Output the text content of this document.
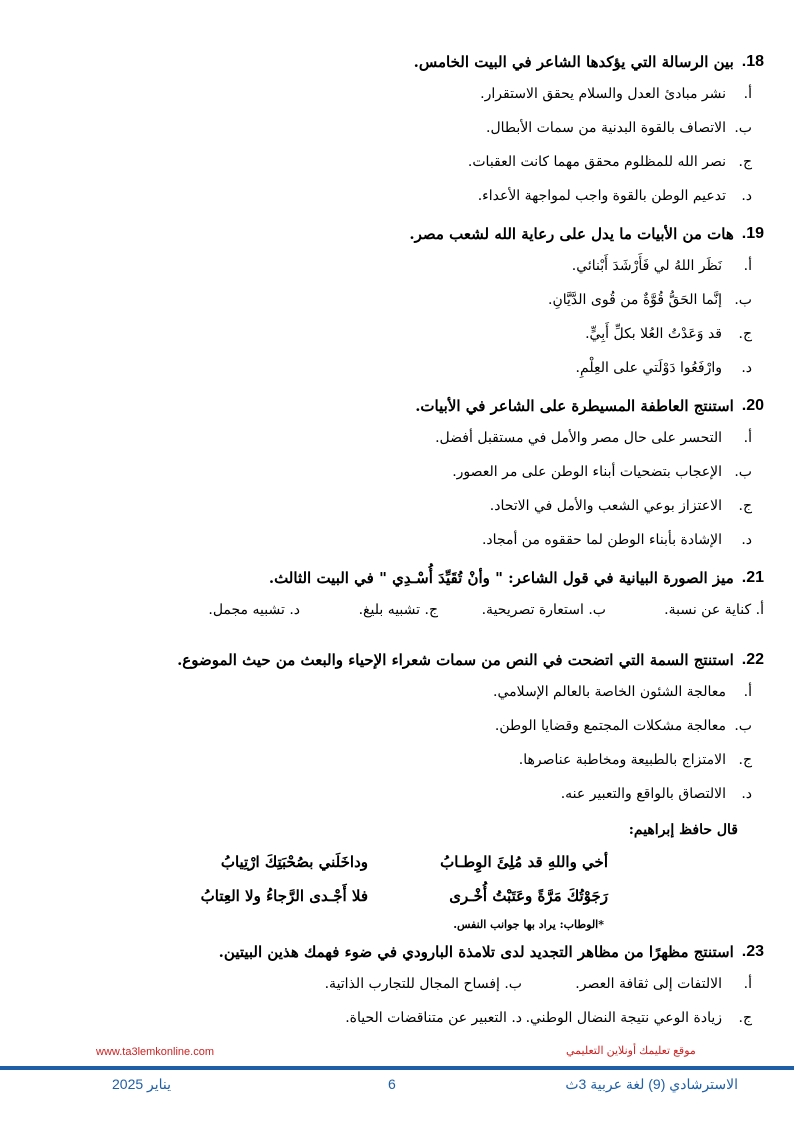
18.
بين الرسالة التي يؤكدها الشاعر في البيت الخامس.
أ.
نشر مبادئ العدل والسلام يحقق الاستقرار.
ب.
الاتصاف بالقوة البدنية من سمات الأبطال.
ج.
نصر الله للمظلوم محقق مهما كانت العقبات.
د.
تدعيم الوطن بالقوة واجب لمواجهة الأعداء.
19.
هات من الأبيات ما يدل على رعاية الله لشعب مصر.
أ.
نَظَر اللهُ لي فَأَرْشَدَ أَبْنائي.
ب.
إنَّما الحَقُّ قُوَّةٌ من قُوى الدَّيَّانِ.
ج.
قد وَعَدْتُ العُلا بكلِّ أَبِيٍّ.
د.
وارْفَعُوا دَوْلَتي على العِلْمِ.
20.
استنتج العاطفة المسيطرة على الشاعر في الأبيات.
أ.
التحسر على حال مصر والأمل في مستقبل أفضل.
ب.
الإعجاب بتضحيات أبناء الوطن على مر العصور.
ج.
الاعتزاز بوعي الشعب والأمل في الاتحاد.
د.
الإشادة بأبناء الوطن لما حققوه من أمجاد.
21.
ميز الصورة البيانية في قول الشاعر: " وأنْ تُقَيِّدَ أُسْـدِي " في البيت الثالث.
أ. كناية عن نسبة.
ب. استعارة تصريحية.
ج. تشبيه بليغ.
د. تشبيه مجمل.
22.
استنتج السمة التي اتضحت في النص من سمات شعراء الإحياء والبعث من حيث الموضوع.
أ.
معالجة الشئون الخاصة بالعالم الإسلامي.
ب.
معالجة مشكلات المجتمع وقضايا الوطن.
ج.
الامتزاج بالطبيعة ومخاطبة عناصرها.
د.
الالتصاق بالواقع والتعبير عنه.
قال حافظ إبراهيم:
أخي واللهِ قد مُلِئَ الوِطـابُ
وداخَلَني بصُحْبَتِكَ ارْتِيابُ
رَجَوْتُكَ مَرَّةً وعَتَبْتُ أُخْـرى
فلا أَجْـدى الرَّجاءُ ولا العِتابُ
*الوطاب: يراد بها جوانب النفس.
23.
استنتج مظهرًا من مظاهر التجديد لدى تلامذة البارودي في ضوء فهمك هذين البيتين.
أ.
الالتفات إلى ثقافة العصر.
ب. إفساح المجال للتجارب الذاتية.
ج.
زيادة الوعي نتيجة النضال الوطني.
د. التعبير عن متناقضات الحياة.
www.ta3lemkonline.com	موقع تعليمك أونلاين التعليمي
الاسترشادي (9) لغة عربية 3ث
6
يناير 2025
